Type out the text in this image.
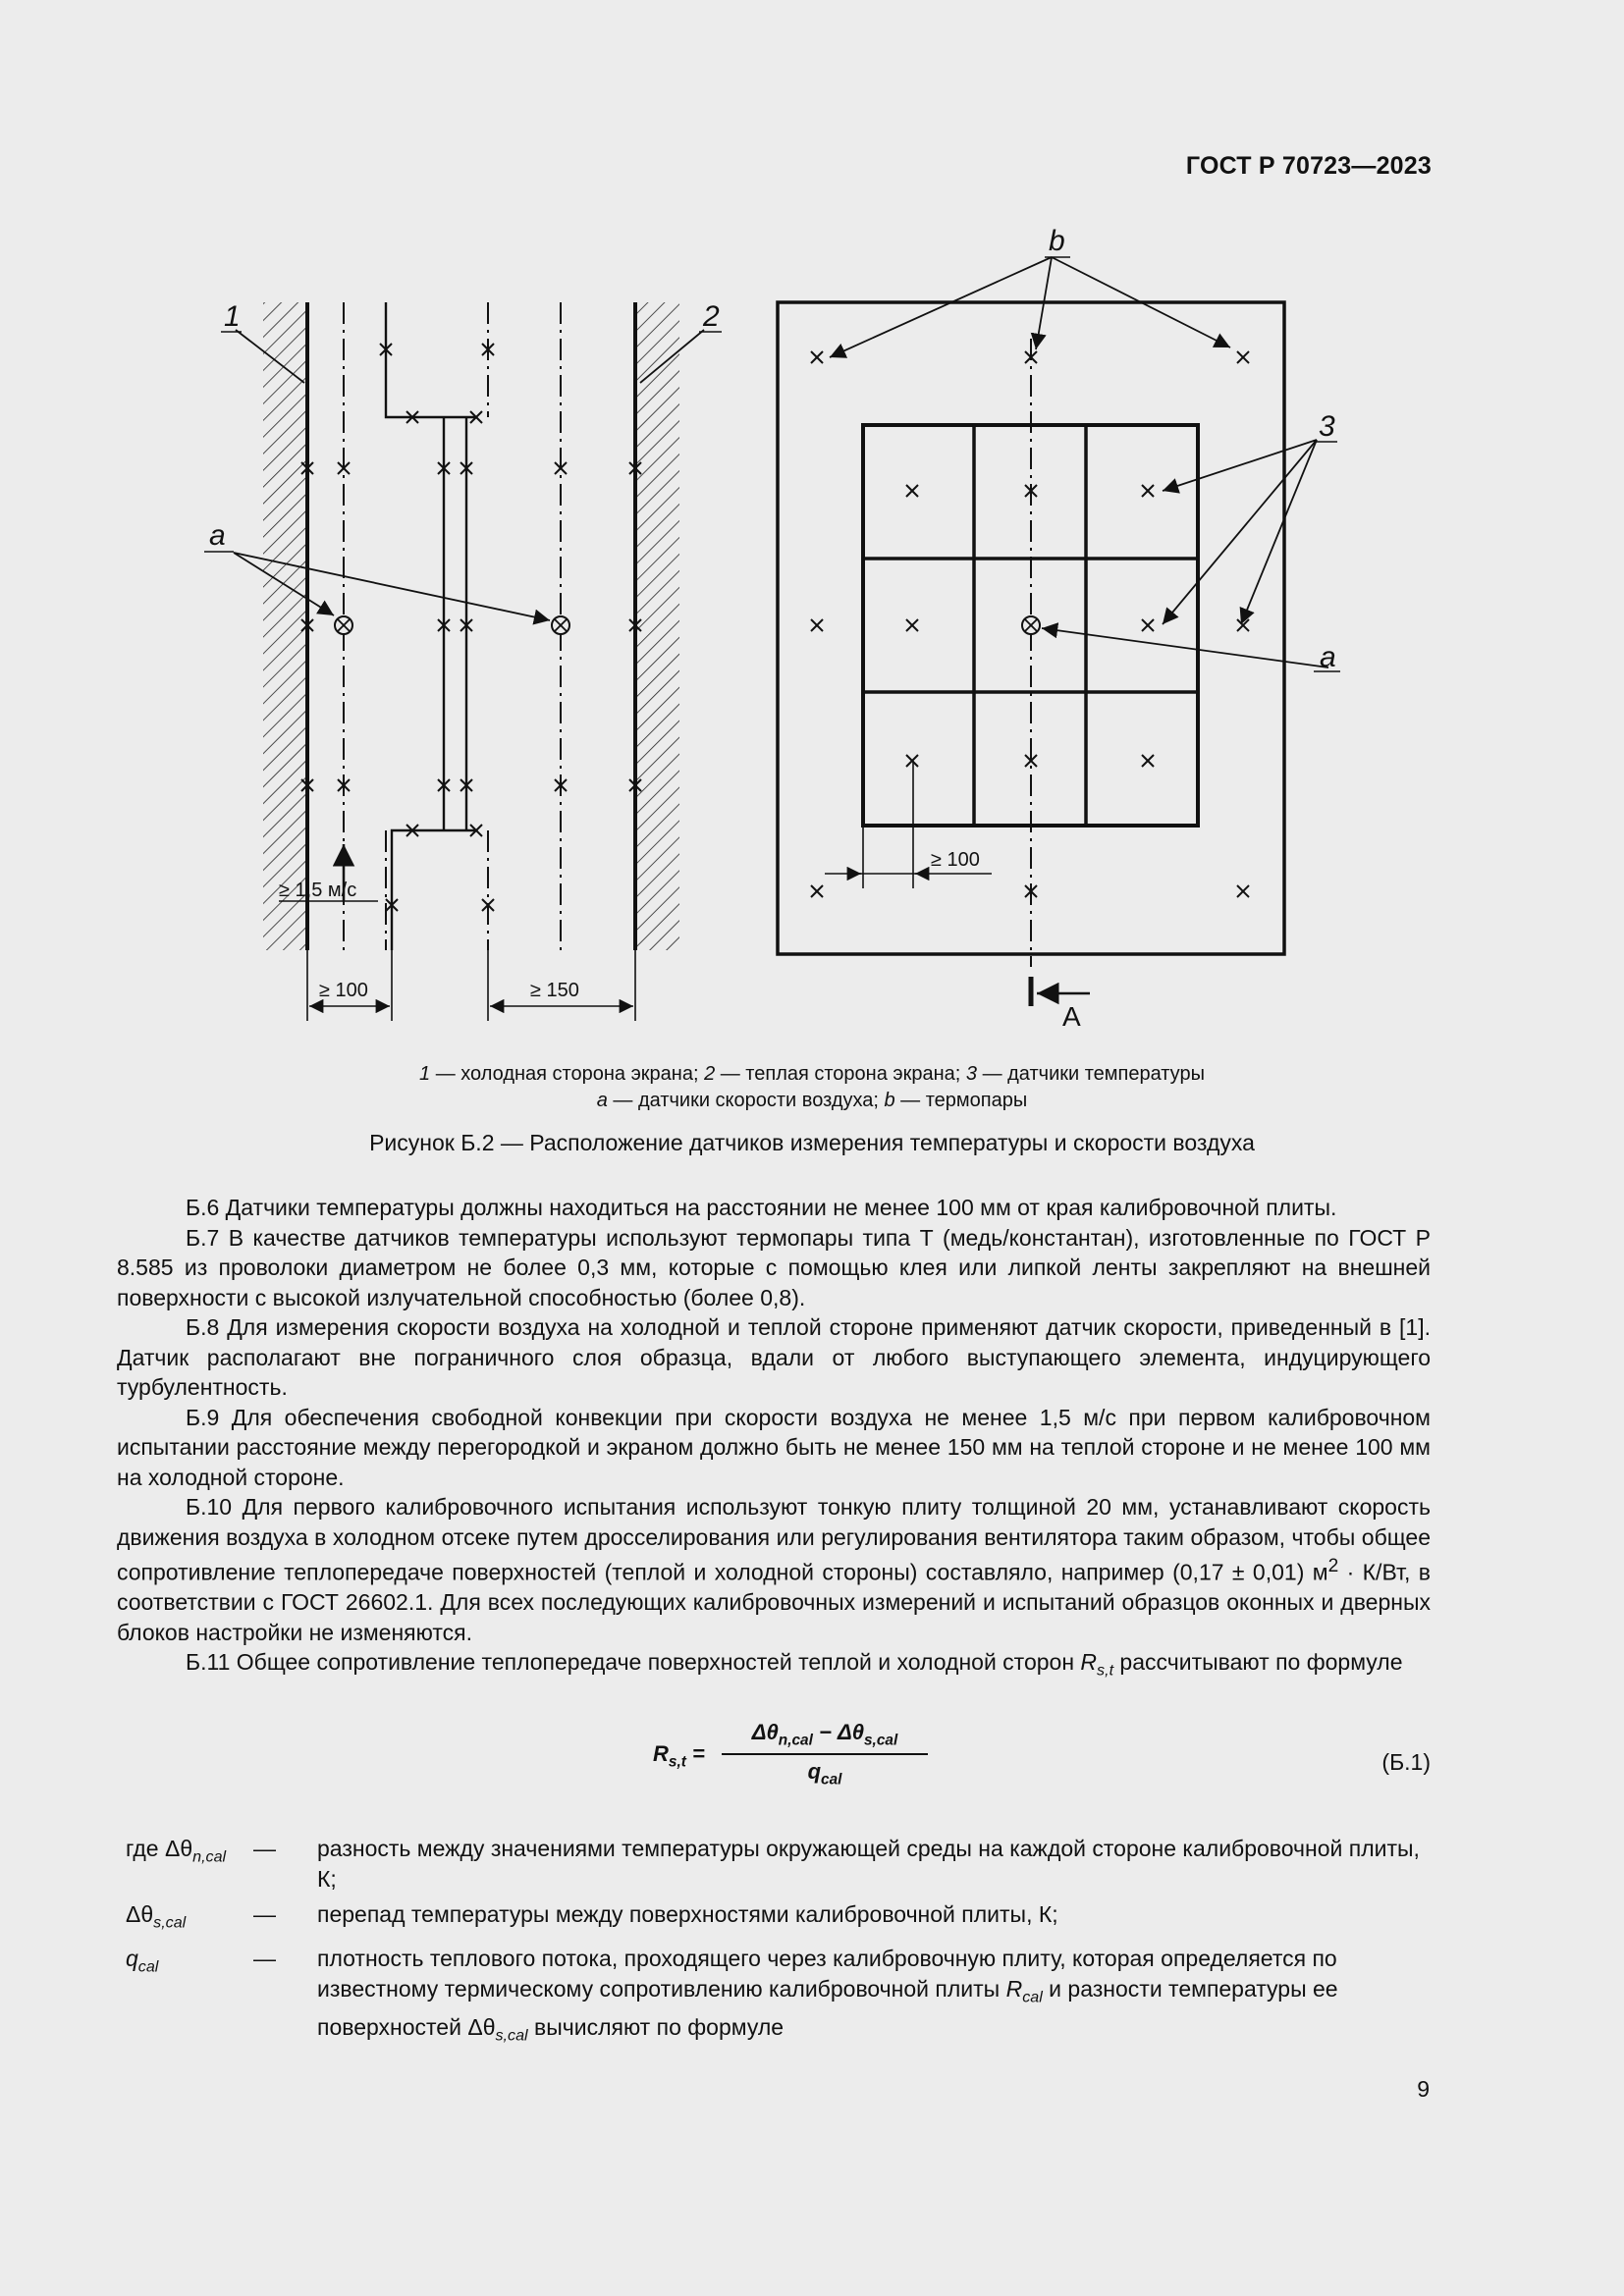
ГОСТ Р 70723—2023
1	2
a
b
3
a
≥ 1,5 м/с
≥ 100	≥ 150
≥ 100
A
1 — холодная сторона экрана; 2 — теплая сторона экрана; 3 — датчики температуры
a — датчики скорости воздуха; b — термопары
Рисунок Б.2 — Расположение датчиков измерения температуры и скорости воздуха

Б.6 Датчики температуры должны находиться на расстоянии не менее 100 мм от края калибровочной плиты.

Б.7 В качестве датчиков температуры используют термопары типа Т (медь/константан), изготовленные по ГОСТ Р 8.585 из проволоки диаметром не более 0,3 мм, которые с помощью клея или липкой ленты закрепляют на внешней поверхности с высокой излучательной способностью (более 0,8).

Б.8 Для измерения скорости воздуха на холодной и теплой стороне применяют датчик скорости, приведенный в [1]. Датчик располагают вне пограничного слоя образца, вдали от любого выступающего элемента, индуцирующего турбулентность.

Б.9 Для обеспечения свободной конвекции при скорости воздуха не менее 1,5 м/с при первом калибровочном испытании расстояние между перегородкой и экраном должно быть не менее 150 мм на теплой стороне и не менее 100 мм на холодной стороне.

Б.10 Для первого калибровочного испытания используют тонкую плиту толщиной 20 мм, устанавливают скорость движения воздуха в холодном отсеке путем дросселирования или регулирования вентилятора таким образом, чтобы общее сопротивление теплопередаче поверхностей (теплой и холодной стороны) составляло, например (0,17 ± 0,01) $м^2 \cdot К/Вт$, в соответствии с ГОСТ 26602.1. Для всех последующих калибровочных измерений и испытаний образцов оконных и дверных блоков настройки не изменяются.

Б.11 Общее сопротивление теплопередаче поверхностей теплой и холодной сторон $R_{s,t}$ рассчитывают по формуле

$R_{s,t}$ =
$\Delta\theta_{n,cal} - \Delta\theta_{s,cal}$
$q_{cal}$
(Б.1)
где $\Delta\theta_{n,cal}$	—	разность между значениями температуры окружающей среды на каждой стороне калибровочной плиты, К;
$\Delta\theta_{s,cal}$	—	перепад температуры между поверхностями калибровочной плиты, К;
$q_{cal}$	—	плотность теплового потока, проходящего через калибровочную плиту, которая определяется по известному термическому сопротивлению калибровочной плиты $R_{cal}$ и разности температуры ее поверхностей $\Delta\theta_{s,cal}$ вычисляют по формуле
9
